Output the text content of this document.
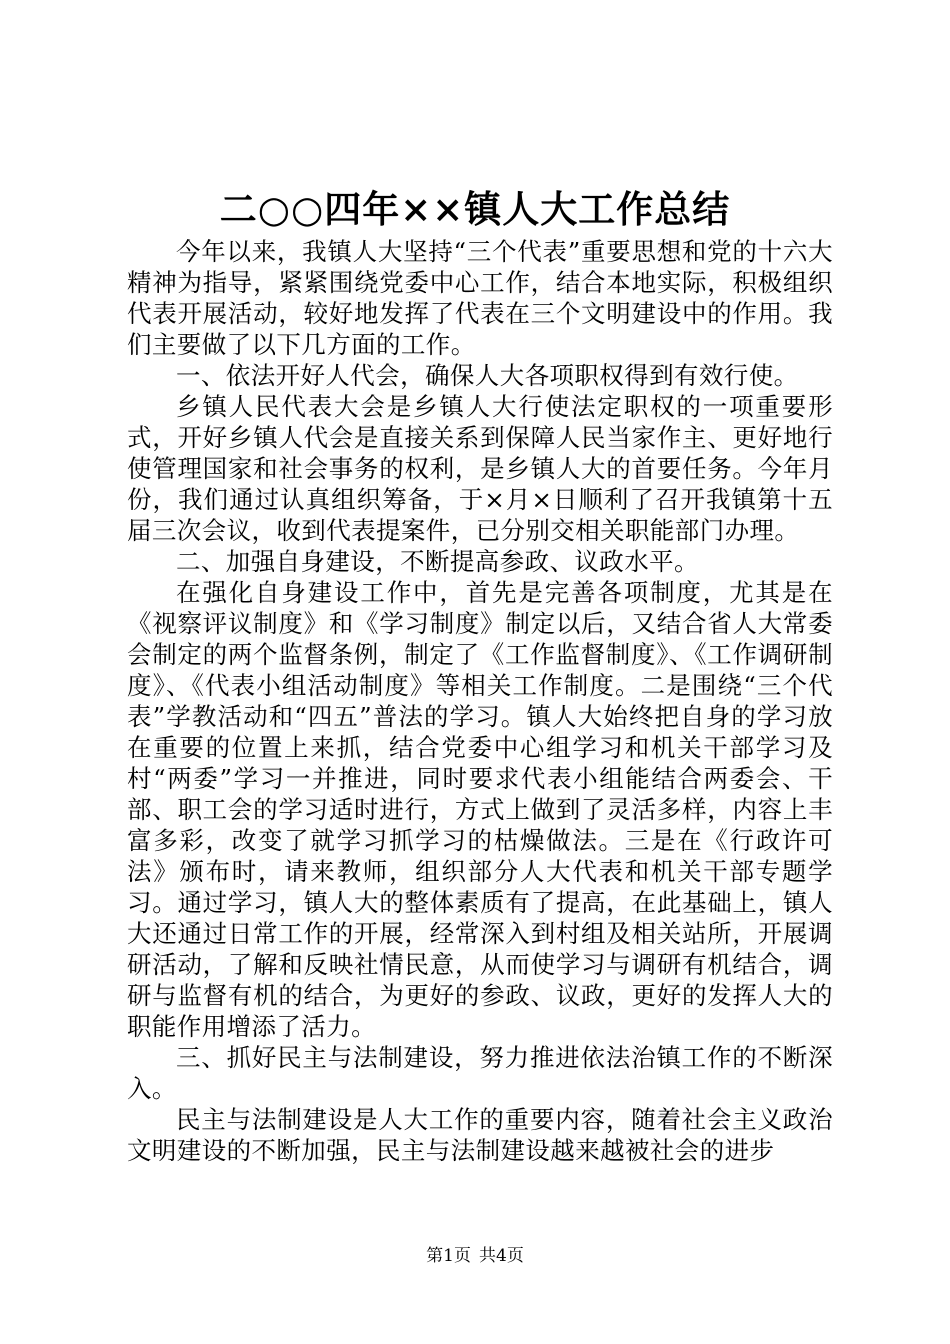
二○○四年××镇人大工作总结

今年以来，我镇人大坚持“三个代表”重要思想和党的十六大精神为指导，紧紧围绕党委中心工作，结合本地实际，积极组织代表开展活动，较好地发挥了代表在三个文明建设中的作用。我们主要做了以下几方面的工作。

一、依法开好人代会，确保人大各项职权得到有效行使。

乡镇人民代表大会是乡镇人大行使法定职权的一项重要形式，开好乡镇人代会是直接关系到保障人民当家作主、更好地行使管理国家和社会事务的权利，是乡镇人大的首要任务。今年月份，我们通过认真组织筹备，于×月×日顺利了召开我镇第十五届三次会议，收到代表提案件，已分别交相关职能部门办理。

二、加强自身建设，不断提高参政、议政水平。

在强化自身建设工作中，首先是完善各项制度，尤其是在《视察评议制度》和《学习制度》制定以后，又结合省人大常委会制定的两个监督条例，制定了《工作监督制度》、《工作调研制度》、《代表小组活动制度》等相关工作制度。二是围绕“三个代表”学教活动和“四五”普法的学习。镇人大始终把自身的学习放在重要的位置上来抓，结合党委中心组学习和机关干部学习及村“两委”学习一并推进，同时要求代表小组能结合两委会、干部、职工会的学习适时进行，方式上做到了灵活多样，内容上丰富多彩，改变了就学习抓学习的枯燥做法。三是在《行政许可法》颁布时，请来教师，组织部分人大代表和机关干部专题学习。通过学习，镇人大的整体素质有了提高，在此基础上，镇人大还通过日常工作的开展，经常深入到村组及相关站所，开展调研活动，了解和反映社情民意，从而使学习与调研有机结合，调研与监督有机的结合，为更好的参政、议政，更好的发挥人大的职能作用增添了活力。

三、抓好民主与法制建设，努力推进依法治镇工作的不断深入。

民主与法制建设是人大工作的重要内容，随着社会主义政治文明建设的不断加强，民主与法制建设越来越被社会的进步

第1页 共4页
